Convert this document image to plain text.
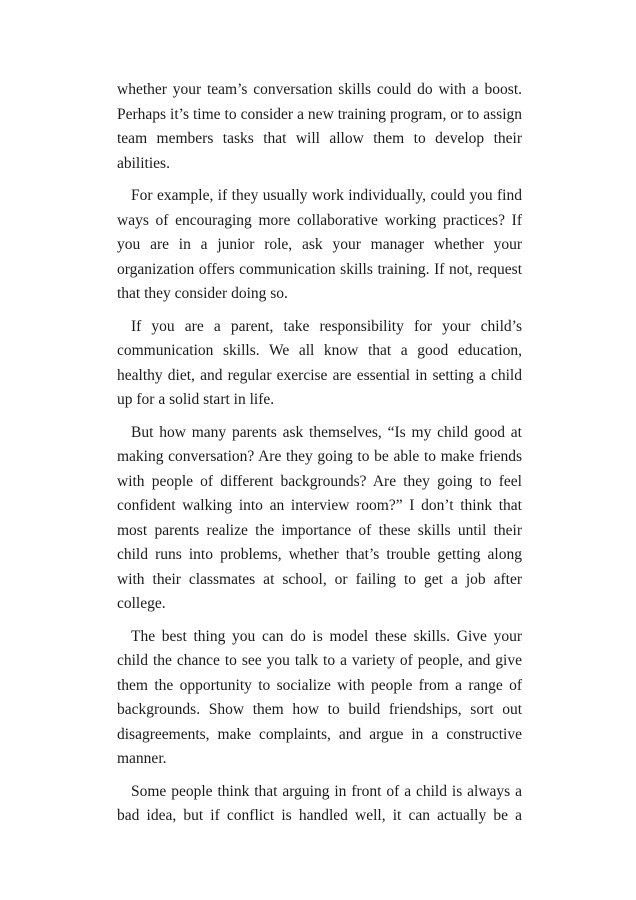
whether your team’s conversation skills could do with a boost. Perhaps it’s time to consider a new training program, or to assign team members tasks that will allow them to develop their abilities.

For example, if they usually work individually, could you find ways of encouraging more collaborative working practices? If you are in a junior role, ask your manager whether your organization offers communication skills training. If not, request that they consider doing so.

If you are a parent, take responsibility for your child’s communication skills. We all know that a good education, healthy diet, and regular exercise are essential in setting a child up for a solid start in life.

But how many parents ask themselves, “Is my child good at making conversation? Are they going to be able to make friends with people of different backgrounds? Are they going to feel confident walking into an interview room?” I don’t think that most parents realize the importance of these skills until their child runs into problems, whether that’s trouble getting along with their classmates at school, or failing to get a job after college.

The best thing you can do is model these skills. Give your child the chance to see you talk to a variety of people, and give them the opportunity to socialize with people from a range of backgrounds. Show them how to build friendships, sort out disagreements, make complaints, and argue in a constructive manner.

Some people think that arguing in front of a child is always a bad idea, but if conflict is handled well, it can actually be a
